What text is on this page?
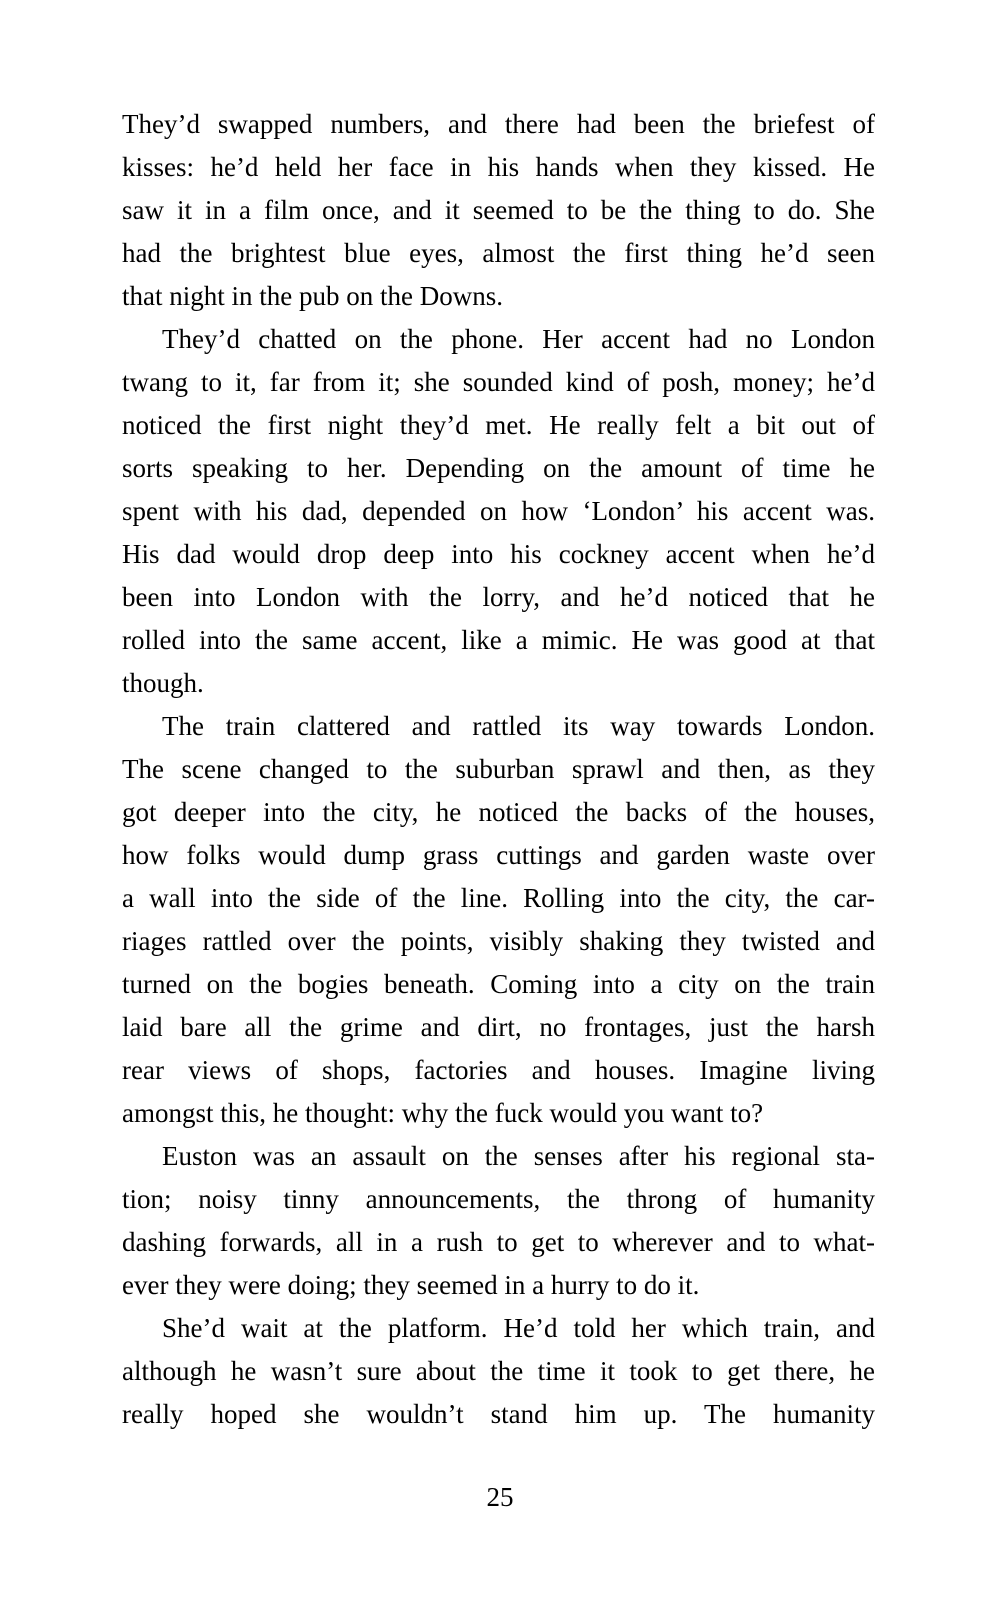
They’d swapped numbers, and there had been the briefest of
kisses: he’d held her face in his hands when they kissed. He
saw it in a film once, and it seemed to be the thing to do. She
had the brightest blue eyes, almost the first thing he’d seen
that night in the pub on the Downs.
They’d chatted on the phone. Her accent had no London
twang to it, far from it; she sounded kind of posh, money; he’d
noticed the first night they’d met. He really felt a bit out of
sorts speaking to her. Depending on the amount of time he
spent with his dad, depended on how ‘London’ his accent was.
His dad would drop deep into his cockney accent when he’d
been into London with the lorry, and he’d noticed that he
rolled into the same accent, like a mimic. He was good at that
though.
The train clattered and rattled its way towards London.
The scene changed to the suburban sprawl and then, as they
got deeper into the city, he noticed the backs of the houses,
how folks would dump grass cuttings and garden waste over
a wall into the side of the line. Rolling into the city, the car-
riages rattled over the points, visibly shaking they twisted and
turned on the bogies beneath. Coming into a city on the train
laid bare all the grime and dirt, no frontages, just the harsh
rear views of shops, factories and houses. Imagine living
amongst this, he thought: why the fuck would you want to?
Euston was an assault on the senses after his regional sta-
tion; noisy tinny announcements, the throng of humanity
dashing forwards, all in a rush to get to wherever and to what-
ever they were doing; they seemed in a hurry to do it.
She’d wait at the platform. He’d told her which train, and
although he wasn’t sure about the time it took to get there, he
really hoped she wouldn’t stand him up. The humanity
25
